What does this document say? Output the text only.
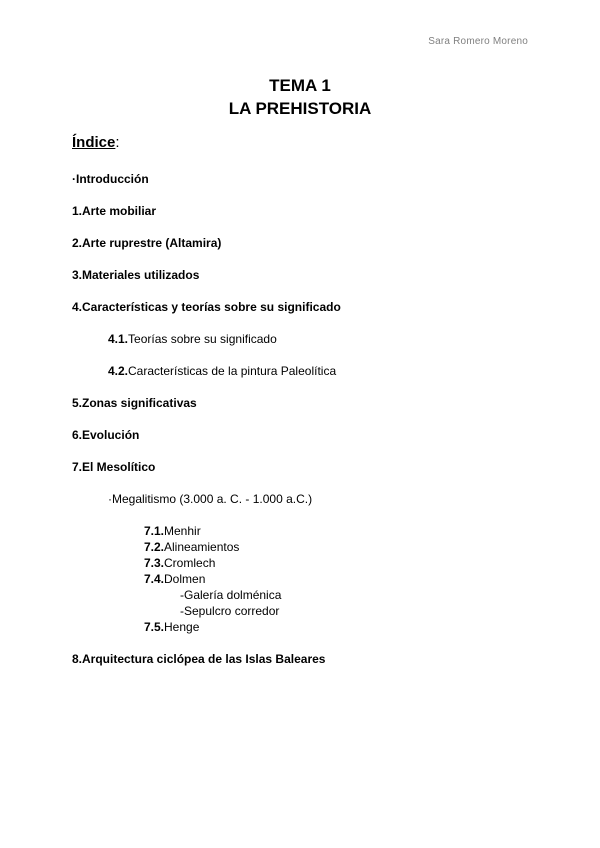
Sara Romero Moreno
TEMA 1
LA PREHISTORIA
Índice:
·Introducción
1.Arte mobiliar
2.Arte ruprestre (Altamira)
3.Materiales utilizados
4.Características y teorías sobre su significado
4.1.Teorías sobre su significado
4.2.Características de la pintura Paleolítica
5.Zonas significativas
6.Evolución
7.El Mesolítico
·Megalitismo (3.000 a. C. - 1.000 a.C.)
7.1.Menhir
7.2.Alineamientos
7.3.Cromlech
7.4.Dolmen
-Galería dolménica
-Sepulcro corredor
7.5.Henge
8.Arquitectura ciclópea de las Islas Baleares
